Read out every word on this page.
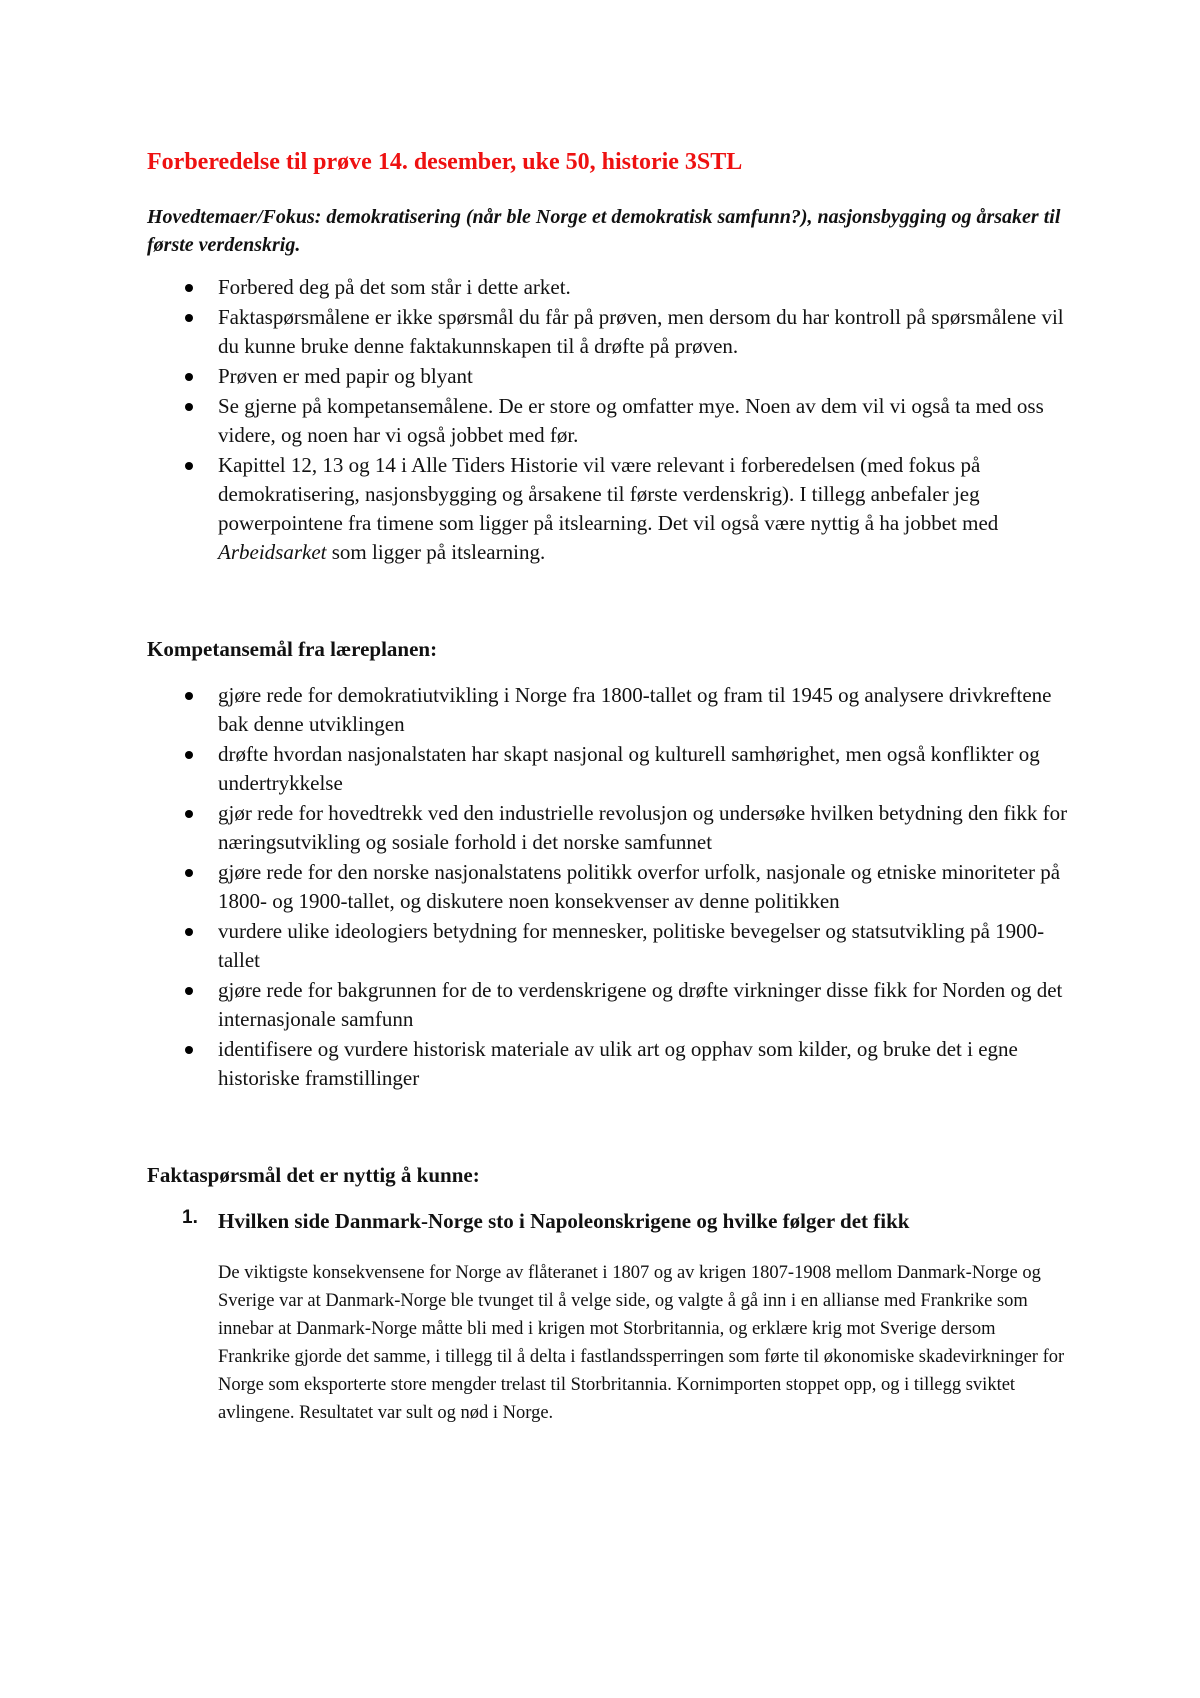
Forberedelse til prøve 14. desember, uke 50, historie 3STL

Hovedtemaer/Fokus: demokratisering (når ble Norge et demokratisk samfunn?), nasjonsbygging og årsaker til første verdenskrig.

Forbered deg på det som står i dette arket.
Faktaspørsmålene er ikke spørsmål du får på prøven, men dersom du har kontroll på spørsmålene vil du kunne bruke denne faktakunnskapen til å drøfte på prøven.
Prøven er med papir og blyant
Se gjerne på kompetansemålene. De er store og omfatter mye. Noen av dem vil vi også ta med oss videre, og noen har vi også jobbet med før.
Kapittel 12, 13 og 14 i Alle Tiders Historie vil være relevant i forberedelsen (med fokus på demokratisering, nasjonsbygging og årsakene til første verdenskrig). I tillegg anbefaler jeg powerpointene fra timene som ligger på itslearning. Det vil også være nyttig å ha jobbet med Arbeidsarket som ligger på itslearning.
Kompetansemål fra læreplanen:
gjøre rede for demokratiutvikling i Norge fra 1800-tallet og fram til 1945 og analysere drivkreftene bak denne utviklingen
drøfte hvordan nasjonalstaten har skapt nasjonal og kulturell samhørighet, men også konflikter og undertrykkelse
gjør rede for hovedtrekk ved den industrielle revolusjon og undersøke hvilken betydning den fikk for næringsutvikling og sosiale forhold i det norske samfunnet
gjøre rede for den norske nasjonalstatens politikk overfor urfolk, nasjonale og etniske minoriteter på 1800- og 1900-tallet, og diskutere noen konsekvenser av denne politikken
vurdere ulike ideologiers betydning for mennesker, politiske bevegelser og statsutvikling på 1900-tallet
gjøre rede for bakgrunnen for de to verdenskrigene og drøfte virkninger disse fikk for Norden og det internasjonale samfunn
identifisere og vurdere historisk materiale av ulik art og opphav som kilder, og bruke det i egne historiske framstillinger
Faktaspørsmål det er nyttig å kunne:
1. Hvilken side Danmark-Norge sto i Napoleonskrigene og hvilke følger det fikk

De viktigste konsekvensene for Norge av flåteranet i 1807 og av krigen 1807-1908 mellom Danmark-Norge og Sverige var at Danmark-Norge ble tvunget til å velge side, og valgte å gå inn i en allianse med Frankrike som innebar at Danmark-Norge måtte bli med i krigen mot Storbritannia, og erklære krig mot Sverige dersom Frankrike gjorde det samme, i tillegg til å delta i fastlandssperringen som førte til økonomiske skadevirkninger for Norge som eksporterte store mengder trelast til Storbritannia. Kornimporten stoppet opp, og i tillegg sviktet avlingene. Resultatet var sult og nød i Norge.
